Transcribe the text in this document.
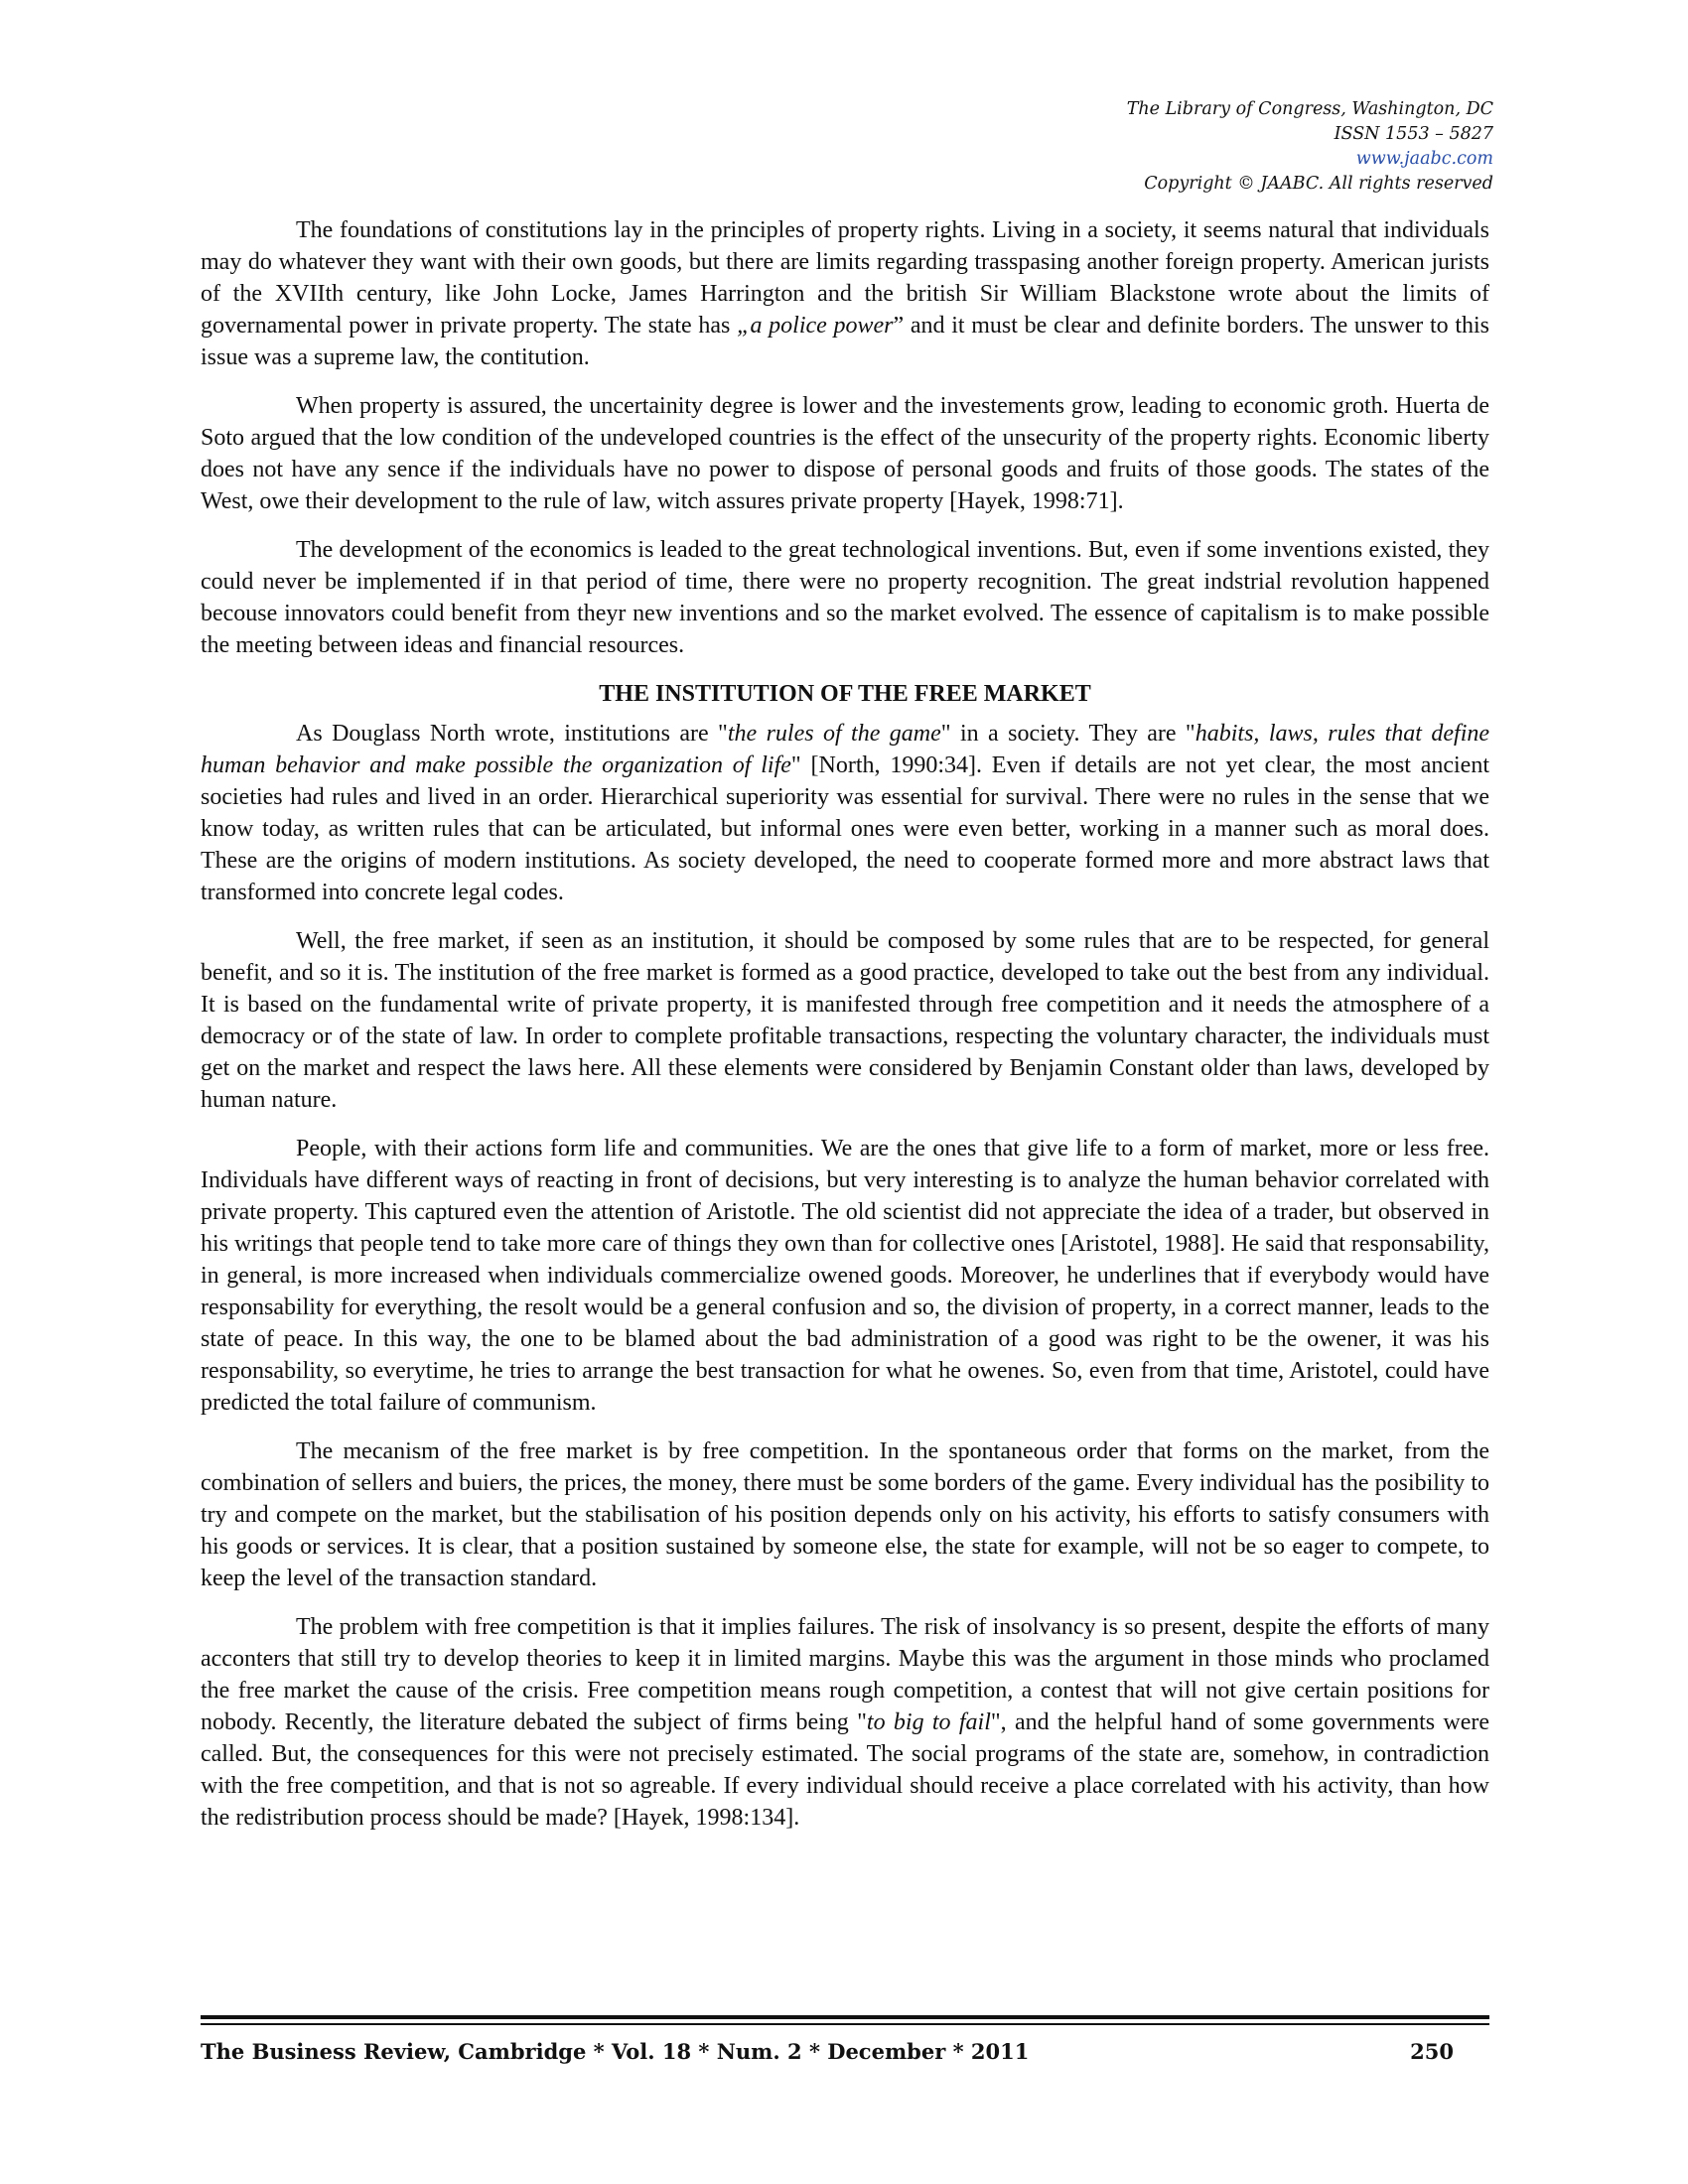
The Library of Congress, Washington, DC
ISSN 1553 – 5827
www.jaabc.com
Copyright © JAABC. All rights reserved

The foundations of constitutions lay in the principles of property rights. Living in a society, it seems natural that individuals may do whatever they want with their own goods, but there are limits regarding trasspasing another foreign property. American jurists of the XVIIth century, like John Locke, James Harrington and the british Sir William Blackstone wrote about the limits of governamental power in private property. The state has „a police power” and it must be clear and definite borders. The unswer to this issue was a supreme law, the contitution.

When property is assured, the uncertainity degree is lower and the investements grow, leading to economic groth. Huerta de Soto argued that the low condition of the undeveloped countries is the effect of the unsecurity of the property rights. Economic liberty does not have any sence if the individuals have no power to dispose of personal goods and fruits of those goods. The states of the West, owe their development to the rule of law, witch assures private property [Hayek, 1998:71].

The development of the economics is leaded to the great technological inventions. But, even if some inventions existed, they could never be implemented if in that period of time, there were no property recognition. The great indstrial revolution happened becouse innovators could benefit from theyr new inventions and so the market evolved. The essence of capitalism is to make possible the meeting between ideas and financial resources.

THE INSTITUTION OF THE FREE MARKET

As Douglass North wrote, institutions are "the rules of the game" in a society. They are "habits, laws, rules that define human behavior and make possible the organization of life" [North, 1990:34]. Even if details are not yet clear, the most ancient societies had rules and lived in an order. Hierarchical superiority was essential for survival. There were no rules in the sense that we know today, as written rules that can be articulated, but informal ones were even better, working in a manner such as moral does. These are the origins of modern institutions. As society developed, the need to cooperate formed more and more abstract laws that transformed into concrete legal codes.

Well, the free market, if seen as an institution, it should be composed by some rules that are to be respected, for general benefit, and so it is. The institution of the free market is formed as a good practice, developed to take out the best from any individual. It is based on the fundamental write of private property, it is manifested through free competition and it needs the atmosphere of a democracy or of the state of law. In order to complete profitable transactions, respecting the voluntary character, the individuals must get on the market and respect the laws here. All these elements were considered by Benjamin Constant older than laws, developed by human nature.

People, with their actions form life and communities. We are the ones that give life to a form of market, more or less free. Individuals have different ways of reacting in front of decisions, but very interesting is to analyze the human behavior correlated with private property. This captured even the attention of Aristotle. The old scientist did not appreciate the idea of a trader, but observed in his writings that people tend to take more care of things they own than for collective ones [Aristotel, 1988]. He said that responsability, in general, is more increased when individuals commercialize owened goods. Moreover, he underlines that if everybody would have responsability for everything, the resolt would be a general confusion and so, the division of property, in a correct manner, leads to the state of peace. In this way, the one to be blamed about the bad administration of a good was right to be the owener, it was his responsability, so everytime, he tries to arrange the best transaction for what he owenes. So, even from that time, Aristotel, could have predicted the total failure of communism.

The mecanism of the free market is by free competition. In the spontaneous order that forms on the market, from the combination of sellers and buiers, the prices, the money, there must be some borders of the game. Every individual has the posibility to try and compete on the market, but the stabilisation of his position depends only on his activity, his efforts to satisfy consumers with his goods or services. It is clear, that a position sustained by someone else, the state for example, will not be so eager to compete, to keep the level of the transaction standard.

The problem with free competition is that it implies failures. The risk of insolvancy is so present, despite the efforts of many acconters that still try to develop theories to keep it in limited margins. Maybe this was the argument in those minds who proclamed the free market the cause of the crisis. Free competition means rough competition, a contest that will not give certain positions for nobody. Recently, the literature debated the subject of firms being "to big to fail", and the helpful hand of some governments were called. But, the consequences for this were not precisely estimated. The social programs of the state are, somehow, in contradiction with the free competition, and that is not so agreable. If every individual should receive a place correlated with his activity, than how the redistribution process should be made? [Hayek, 1998:134].

The Business Review, Cambridge * Vol. 18 * Num. 2 * December * 2011	250
